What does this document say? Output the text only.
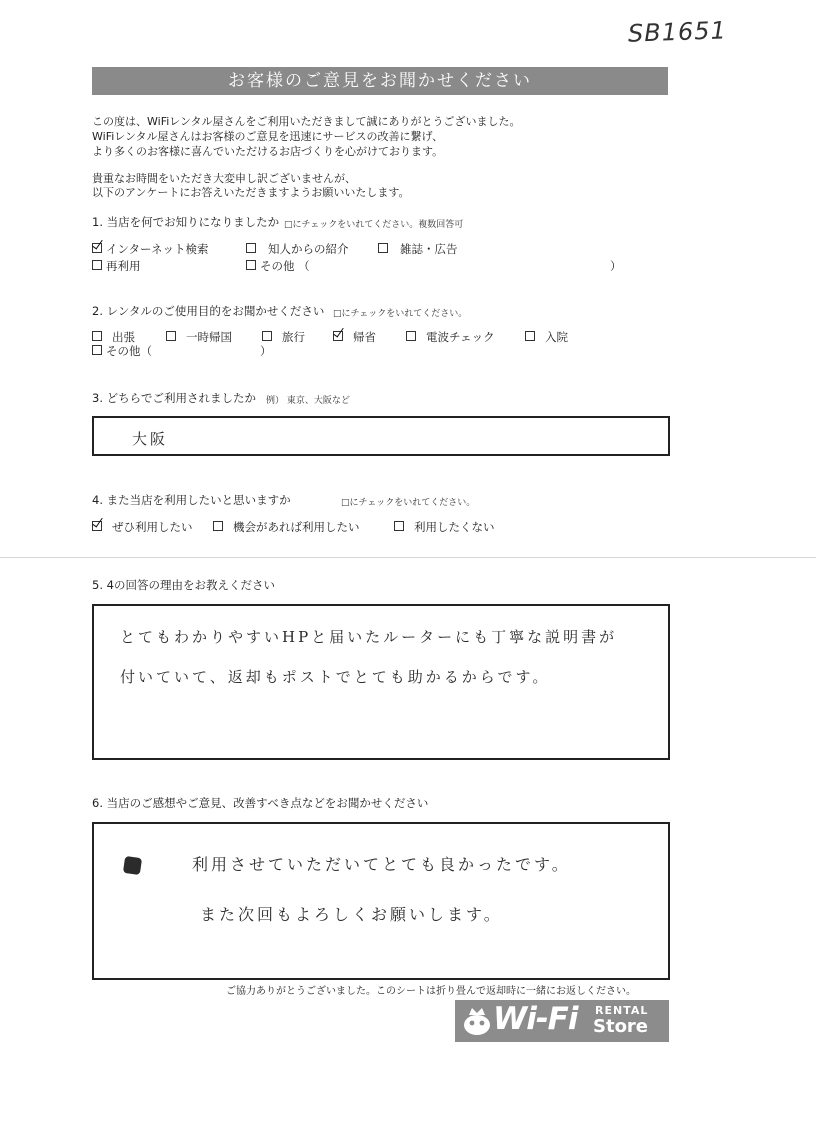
SB1651
お客様のご意見をお聞かせください
この度は、WiFiレンタル屋さんをご利用いただきまして誠にありがとうございました。
WiFiレンタル屋さんはお客様のご意見を迅速にサービスの改善に繋げ、
より多くのお客様に喜んでいただけるお店づくりを心がけております。
貴重なお時間をいただき大変申し訳ございませんが、
以下のアンケートにお答えいただきますようお願いいたします。
1. 当店を何でお知りになりましたか □にチェックをいれてください。複数回答可
インターネット検索	知人からの紹介	雑誌・広告
再利用	その他 （	）
2. レンタルのご使用目的をお聞かせください □にチェックをいれてください。
出張	一時帰国	旅行	帰省	電波チェック	入院
その他（	）
3. どちらでご利用されましたか 例） 東京、大阪など
大阪
4. また当店を利用したいと思いますか	□にチェックをいれてください。
ぜひ利用したい	機会があれば利用したい	利用したくない
5. 4の回答の理由をお教えください
とてもわかりやすいHPと届いたルーターにも丁寧な説明書が
付いていて、返却もポストでとても助かるからです。
6. 当店のご感想やご意見、改善すべき点などをお聞かせください
利用させていただいてとても良かったです。
また次回もよろしくお願いします。
ご協力ありがとうございました。このシートは折り畳んで返却時に一緒にお返しください。
Wi-Fi RENTAL
Store
